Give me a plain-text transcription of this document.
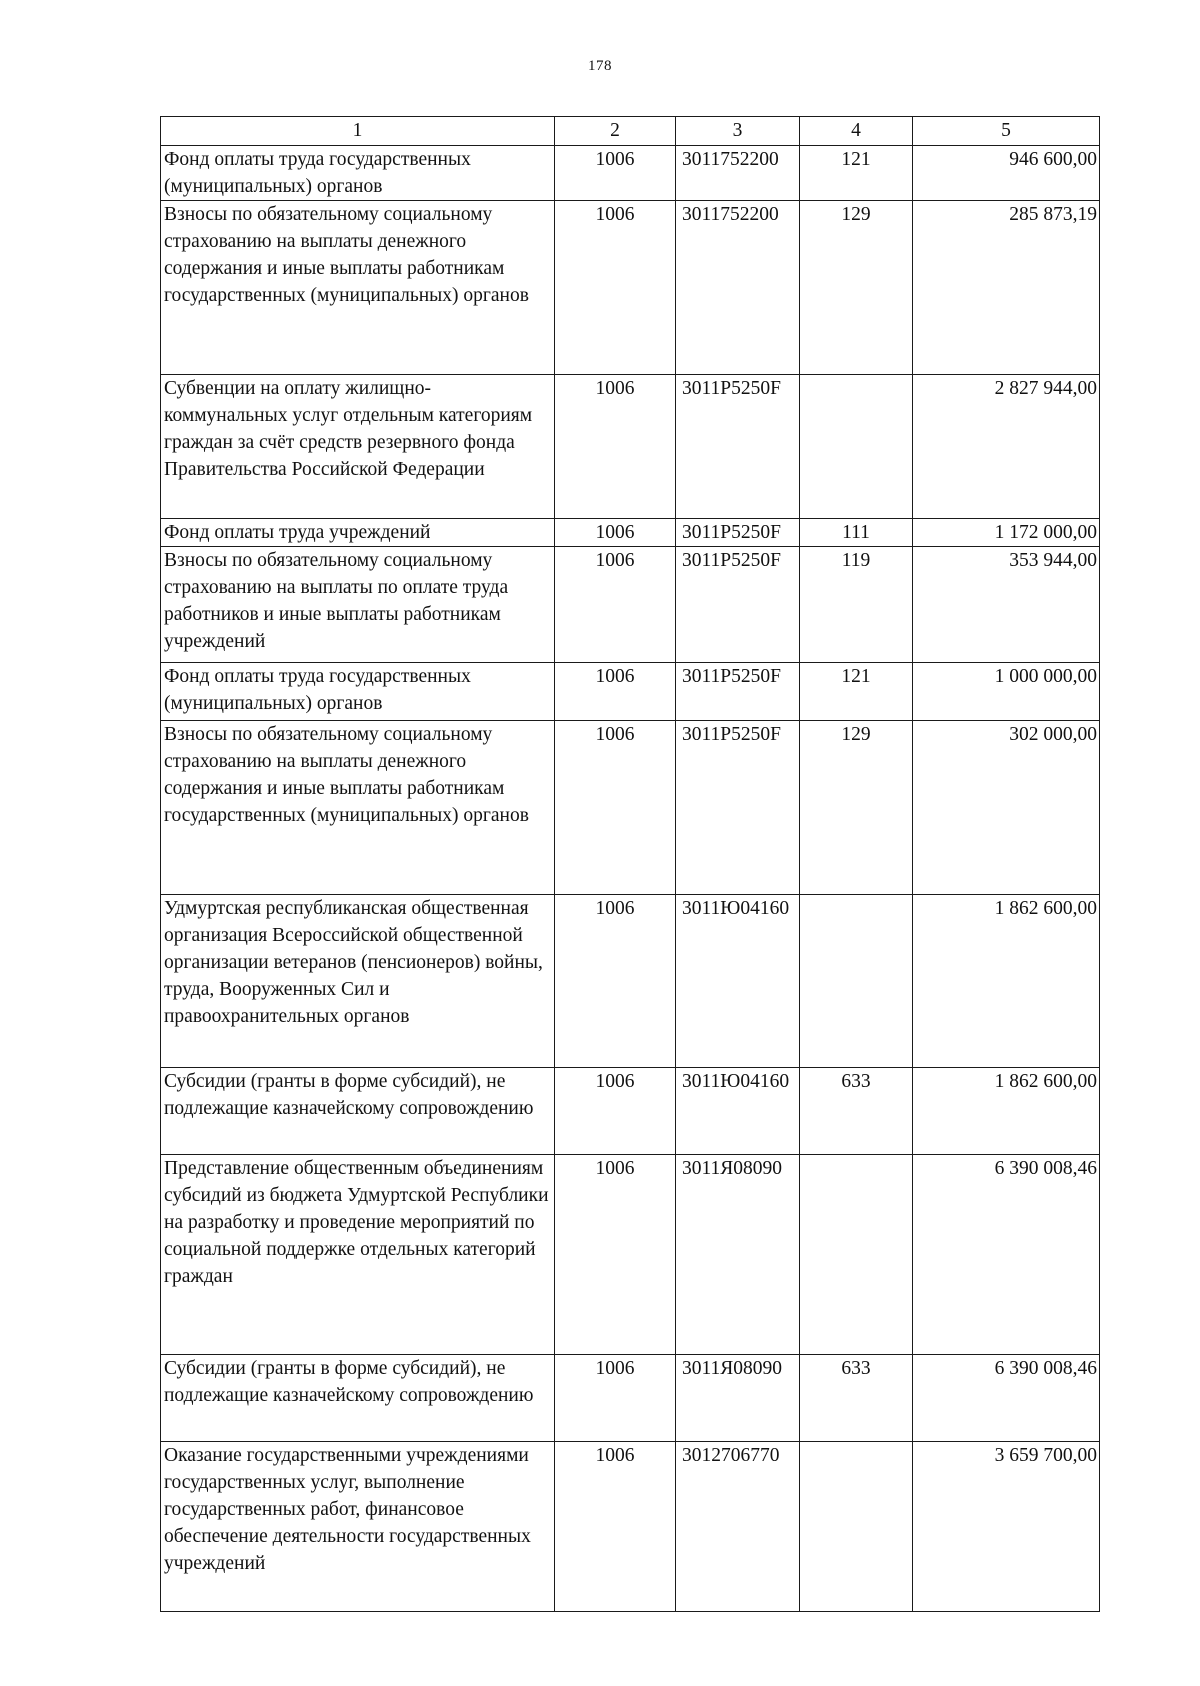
178
1	2	3	4	5
Фонд оплаты труда государственных (муниципальных) органов	1006	3011752200	121	946 600,00
Взносы по обязательному социальному страхованию на выплаты денежного содержания и иные выплаты работникам государственных (муниципальных) органов	1006	3011752200	129	285 873,19
Субвенции на оплату жилищно-коммунальных услуг отдельным категориям граждан за счёт средств резервного фонда Правительства Российской Федерации	1006	3011P5250F		2 827 944,00
Фонд оплаты труда учреждений	1006	3011P5250F	111	1 172 000,00
Взносы по обязательному социальному страхованию на выплаты по оплате труда работников и иные выплаты работникам учреждений	1006	3011P5250F	119	353 944,00
Фонд оплаты труда государственных (муниципальных) органов	1006	3011P5250F	121	1 000 000,00
Взносы по обязательному социальному страхованию на выплаты денежного содержания и иные выплаты работникам государственных (муниципальных) органов	1006	3011P5250F	129	302 000,00
Удмуртская республиканская общественная организация Всероссийской общественной организации ветеранов (пенсионеров) войны, труда, Вооруженных Сил и правоохранительных органов	1006	3011Ю04160		1 862 600,00
Субсидии (гранты в форме субсидий), не подлежащие казначейскому сопровождению	1006	3011Ю04160	633	1 862 600,00
Представление общественным объединениям субсидий из бюджета Удмуртской Республики на разработку и проведение мероприятий по социальной поддержке отдельных категорий граждан	1006	3011Я08090		6 390 008,46
Субсидии (гранты в форме субсидий), не подлежащие казначейскому сопровождению	1006	3011Я08090	633	6 390 008,46
Оказание государственными учреждениями государственных услуг, выполнение государственных работ, финансовое обеспечение деятельности государственных учреждений	1006	3012706770		3 659 700,00
